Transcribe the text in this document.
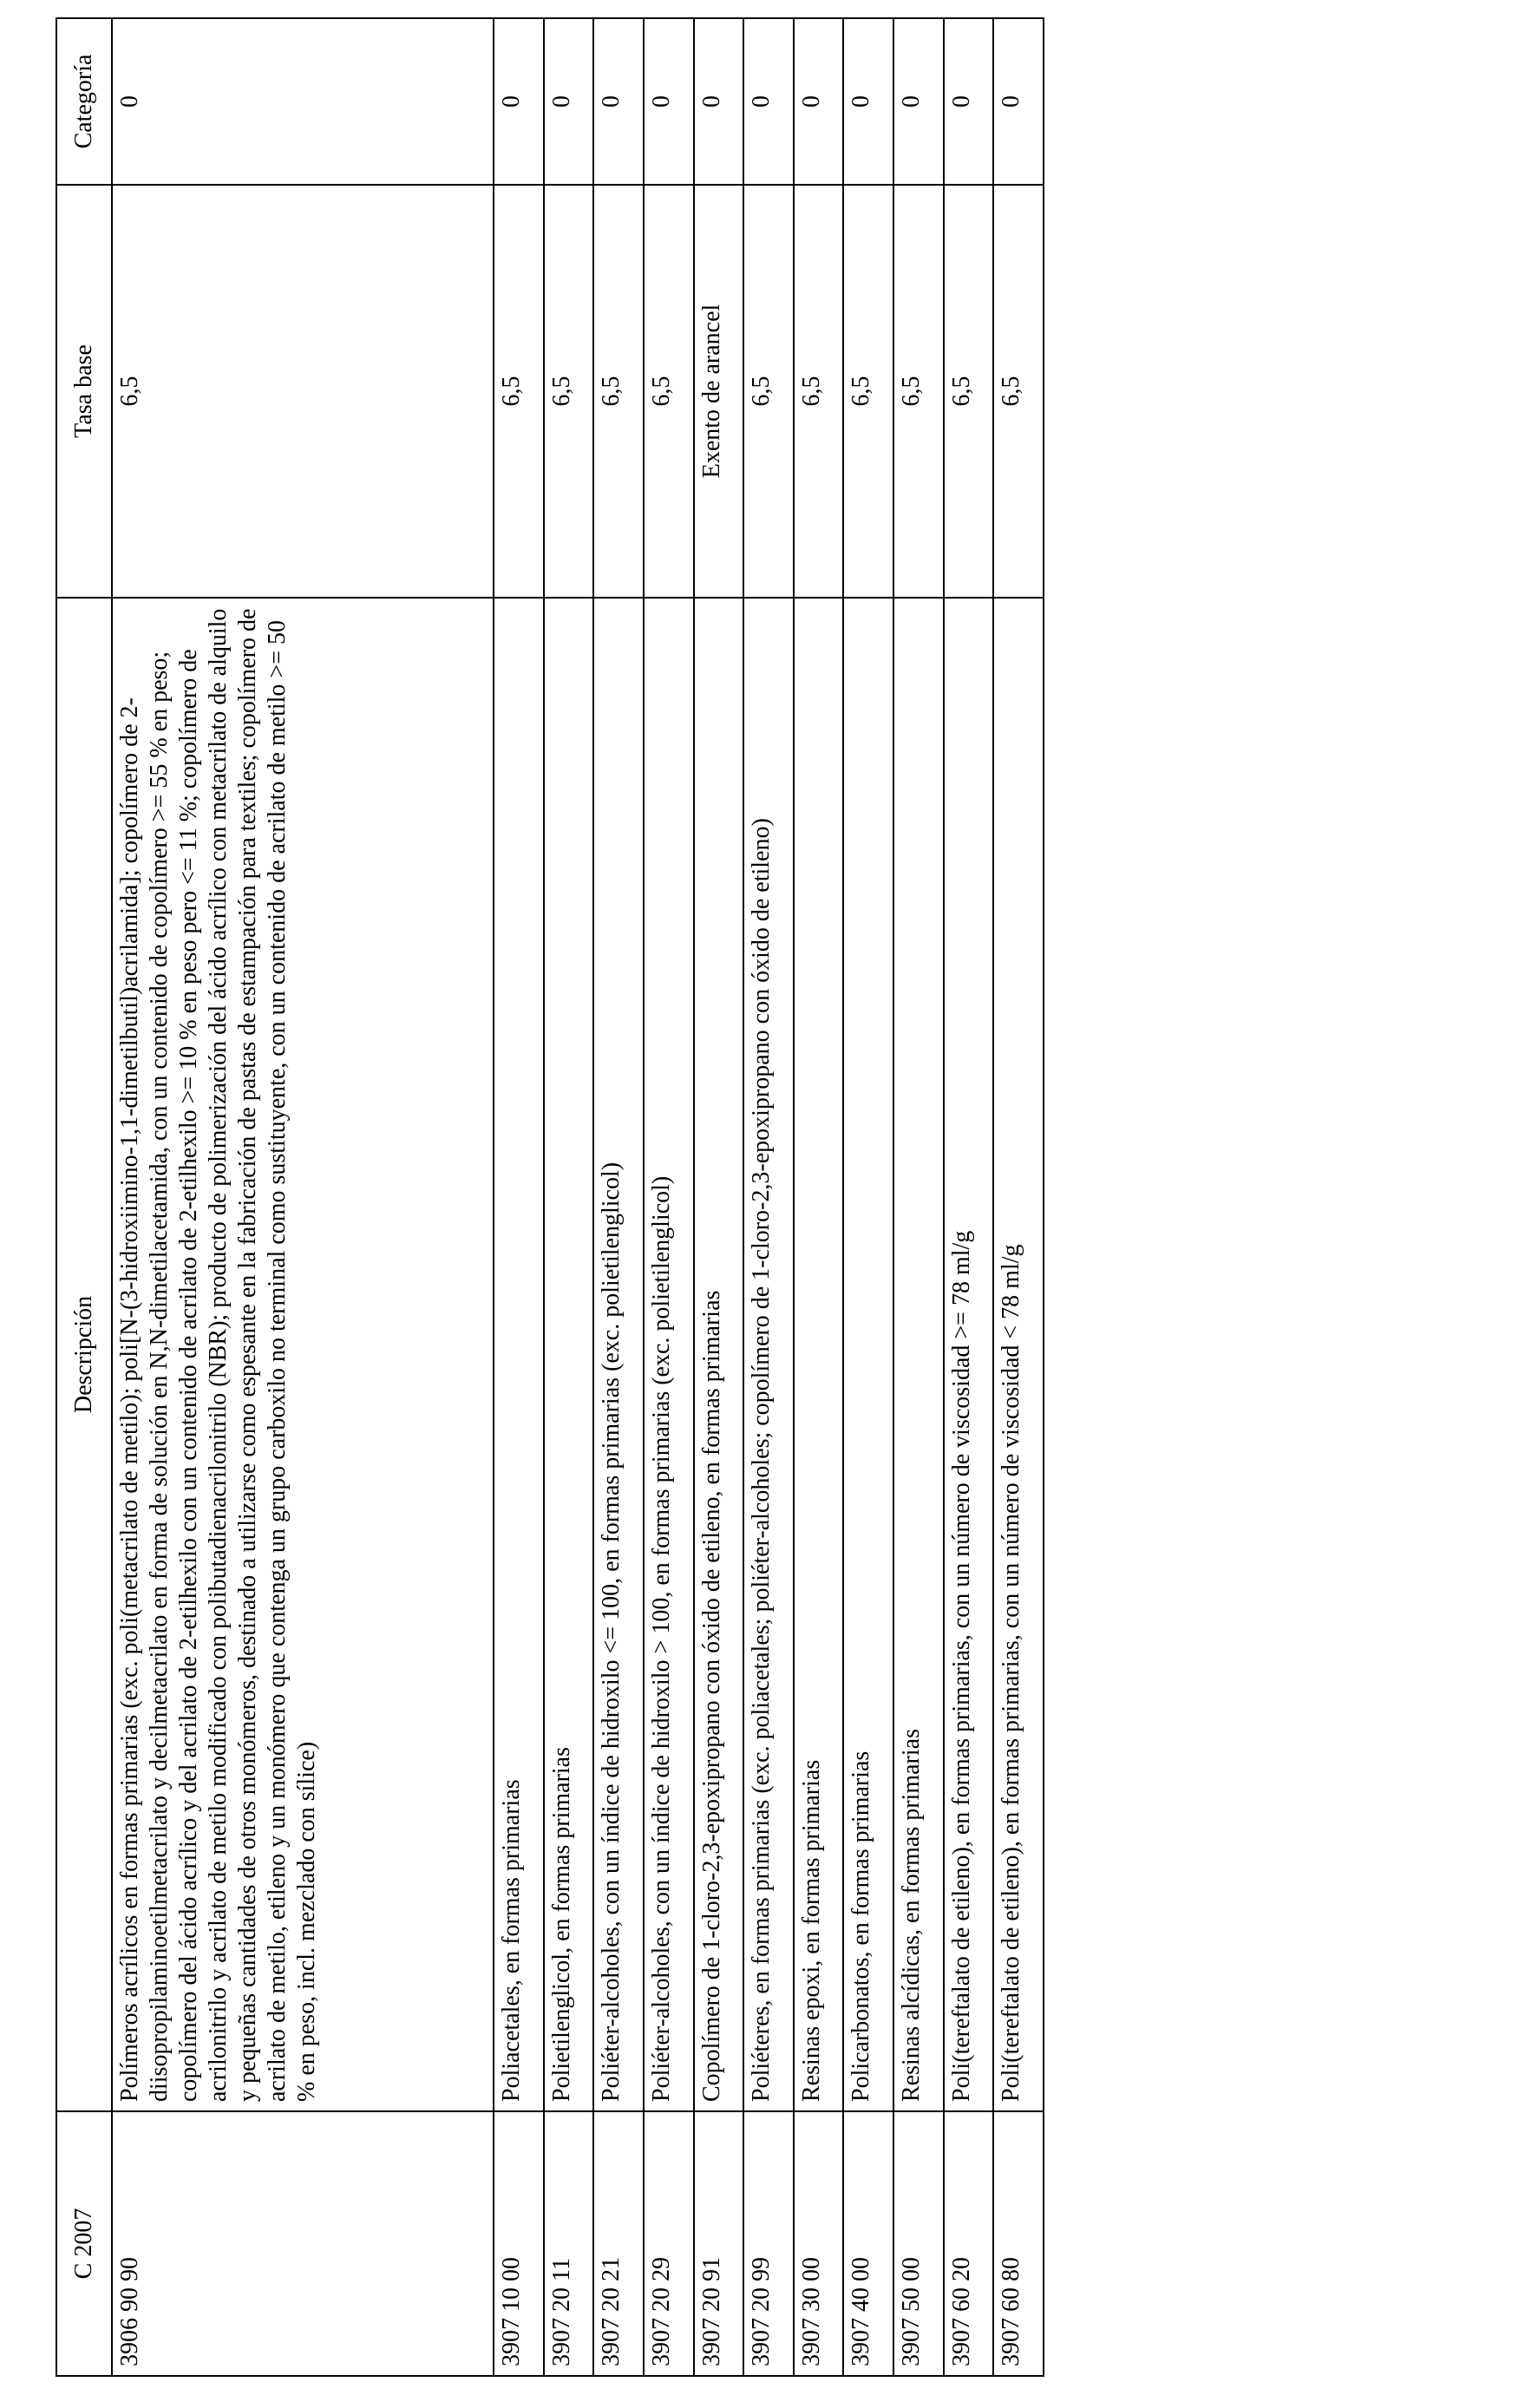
C 2007	Descripción	Tasa base	Categoría
3906 90 90	Polímeros acrílicos en formas primarias (exc. poli(metacrilato de metilo); poli[N-(3-hidroxiimino-1,1-dimetilbutil)acrilamida]; copolímero de 2-diisopropilaminoetilmetacrilato y decilmetacrilato en forma de solución en N,N-dimetilacetamida, con un contenido de copolímero >= 55 % en peso; copolímero del ácido acrílico y del acrilato de 2-etilhexilo con un contenido de acrilato de 2-etilhexilo >= 10 % en peso pero <= 11 %; copolímero de acrilonitrilo y acrilato de metilo modificado con polibutadienacrilonitrilo (NBR); producto de polimerización del ácido acrílico con metacrilato de alquilo y pequeñas cantidades de otros monómeros, destinado a utilizarse como espesante en la fabricación de pastas de estampación para textiles; copolímero de acrilato de metilo, etileno y un monómero que contenga un grupo carboxilo no terminal como sustituyente, con un contenido de acrilato de metilo >= 50 % en peso, incl. mezclado con sílice)	6,5	0
3907 10 00	Poliacetales, en formas primarias	6,5	0
3907 20 11	Polietilenglicol, en formas primarias	6,5	0
3907 20 21	Poliéter-alcoholes, con un índice de hidroxilo <= 100, en formas primarias (exc. polietilenglicol)	6,5	0
3907 20 29	Poliéter-alcoholes, con un índice de hidroxilo > 100, en formas primarias (exc. polietilenglicol)	6,5	0
3907 20 91	Copolímero de 1-cloro-2,3-epoxipropano con óxido de etileno, en formas primarias	Exento de arancel	0
3907 20 99	Poliéteres, en formas primarias (exc. poliacetales; poliéter-alcoholes; copolímero de 1-cloro-2,3-epoxipropano con óxido de etileno)	6,5	0
3907 30 00	Resinas epoxi, en formas primarias	6,5	0
3907 40 00	Policarbonatos, en formas primarias	6,5	0
3907 50 00	Resinas alcídicas, en formas primarias	6,5	0
3907 60 20	Poli(tereftalato de etileno), en formas primarias, con un número de viscosidad >= 78 ml/g	6,5	0
3907 60 80	Poli(tereftalato de etileno), en formas primarias, con un número de viscosidad < 78 ml/g	6,5	0
